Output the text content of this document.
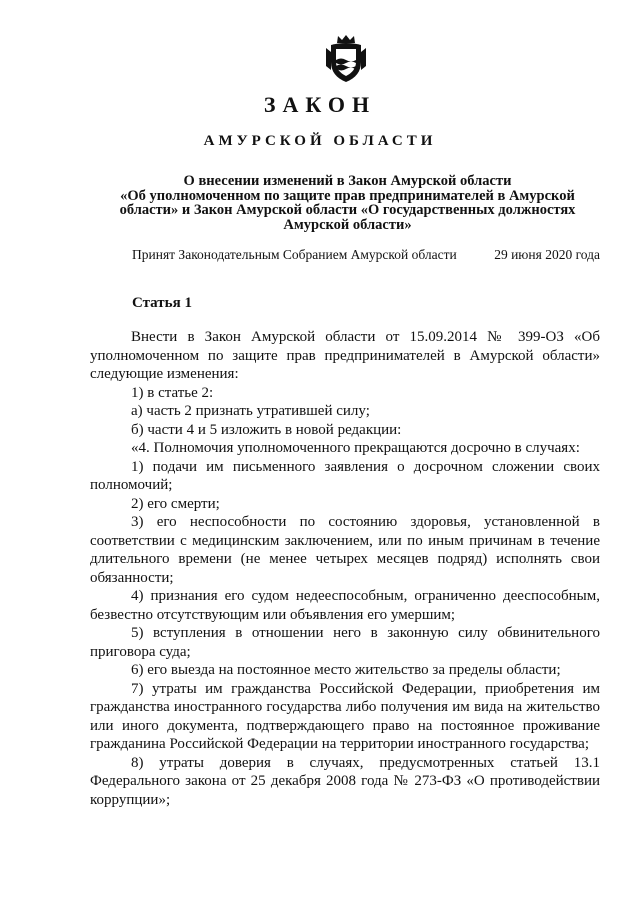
ЗАКОН
АМУРСКОЙ ОБЛАСТИ
О внесении изменений в Закон Амурской области
«Об уполномоченном по защите прав предпринимателей в Амурской
области» и Закон Амурской области «О государственных должностях
Амурской области»
Принят Законодательным Собранием Амурской области	29 июня 2020 года
Статья 1

Внести в Закон Амурской области от 15.09.2014 № 399-ОЗ «Об уполномоченном по защите прав предпринимателей в Амурской области» следующие изменения:

1) в статье 2:

а) часть 2 признать утратившей силу;

б) части 4 и 5 изложить в новой редакции:

«4. Полномочия уполномоченного прекращаются досрочно в случаях:

1) подачи им письменного заявления о досрочном сложении своих полномочий;

2) его смерти;

3) его неспособности по состоянию здоровья, установленной в соответствии с медицинским заключением, или по иным причинам в течение длительного времени (не менее четырех месяцев подряд) исполнять свои обязанности;

4) признания его судом недееспособным, ограниченно дееспособным, безвестно отсутствующим или объявления его умершим;

5) вступления в отношении него в законную силу обвинительного приговора суда;

6) его выезда на постоянное место жительство за пределы области;

7) утраты им гражданства Российской Федерации, приобретения им гражданства иностранного государства либо получения им вида на жительство или иного документа, подтверждающего право на постоянное проживание гражданина Российской Федерации на территории иностранного государства;

8) утраты доверия в случаях, предусмотренных статьей 13.1 Федерального закона от 25 декабря 2008 года № 273-ФЗ «О противодействии коррупции»;
